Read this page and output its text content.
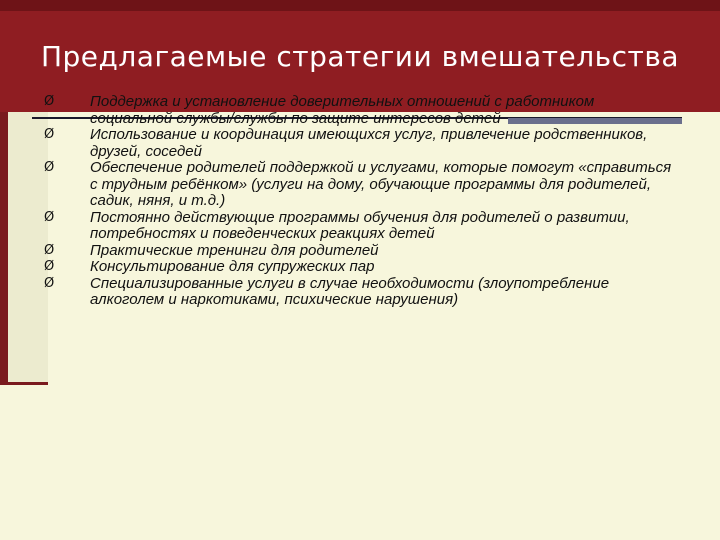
Предлагаемые стратегии вмешательства
Ø	Поддержка и установление доверительных отношений с работником социальной службы/службы по защите интересов детей
Ø	Использование и координация имеющихся услуг, привлечение родственников, друзей, соседей
Ø	Обеспечение родителей поддержкой и услугами, которые помогут «справиться с трудным ребёнком» (услуги на дому, обучающие программы для родителей, садик, няня, и т.д.)
Ø	Постоянно действующие программы обучения для родителей о развитии, потребностях и поведенческих реакциях детей
Ø	Практические тренинги для родителей
Ø	Консультирование для супружеских пар
Ø	Специализированные услуги в случае необходимости (злоупотребление алкоголем и наркотиками, психические нарушения)
